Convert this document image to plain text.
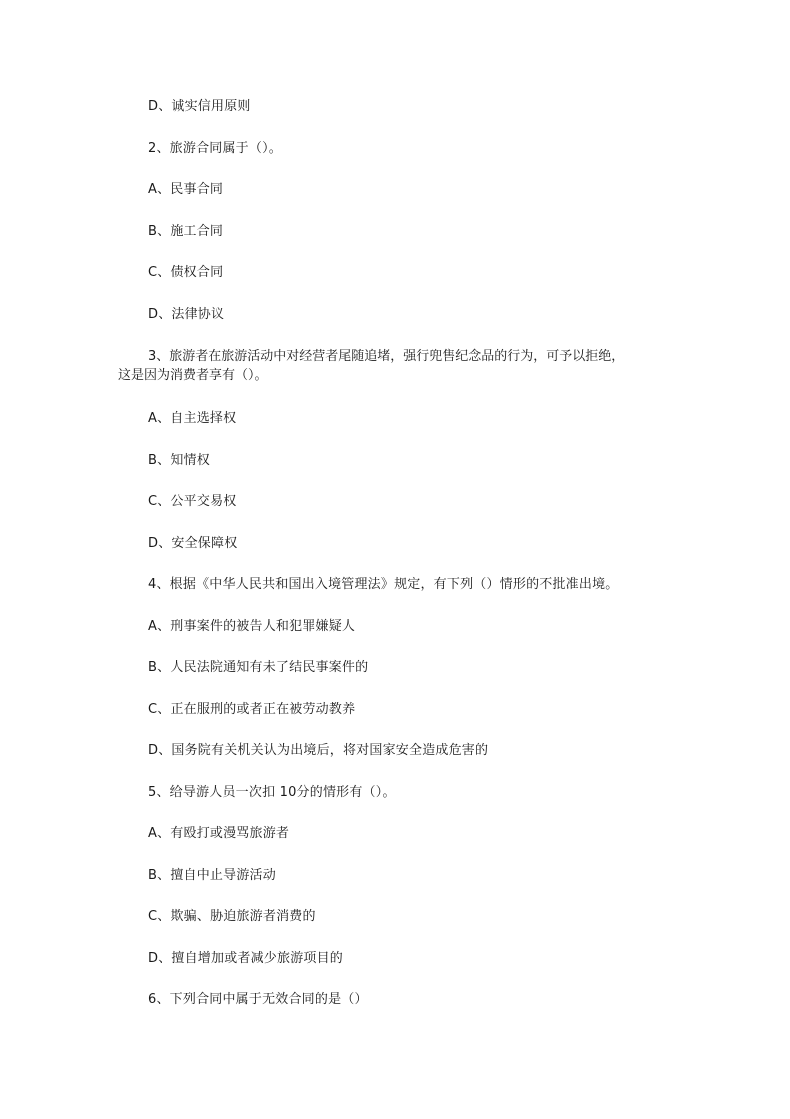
D、诚实信用原则
2、旅游合同属于（）。
A、民事合同
B、施工合同
C、债权合同
D、法律协议
3、旅游者在旅游活动中对经营者尾随追堵，强行兜售纪念品的行为，可予以拒绝，
这是因为消费者享有（）。
A、自主选择权
B、知情权
C、公平交易权
D、安全保障权
4、根据《中华人民共和国出入境管理法》规定，有下列（）情形的不批准出境。
A、刑事案件的被告人和犯罪嫌疑人
B、人民法院通知有未了结民事案件的
C、正在服刑的或者正在被劳动教养
D、国务院有关机关认为出境后，将对国家安全造成危害的
5、给导游人员一次扣 10分的情形有（）。
A、有殴打或漫骂旅游者
B、擅自中止导游活动
C、欺骗、胁迫旅游者消费的
D、擅自增加或者减少旅游项目的
6、下列合同中属于无效合同的是（）
